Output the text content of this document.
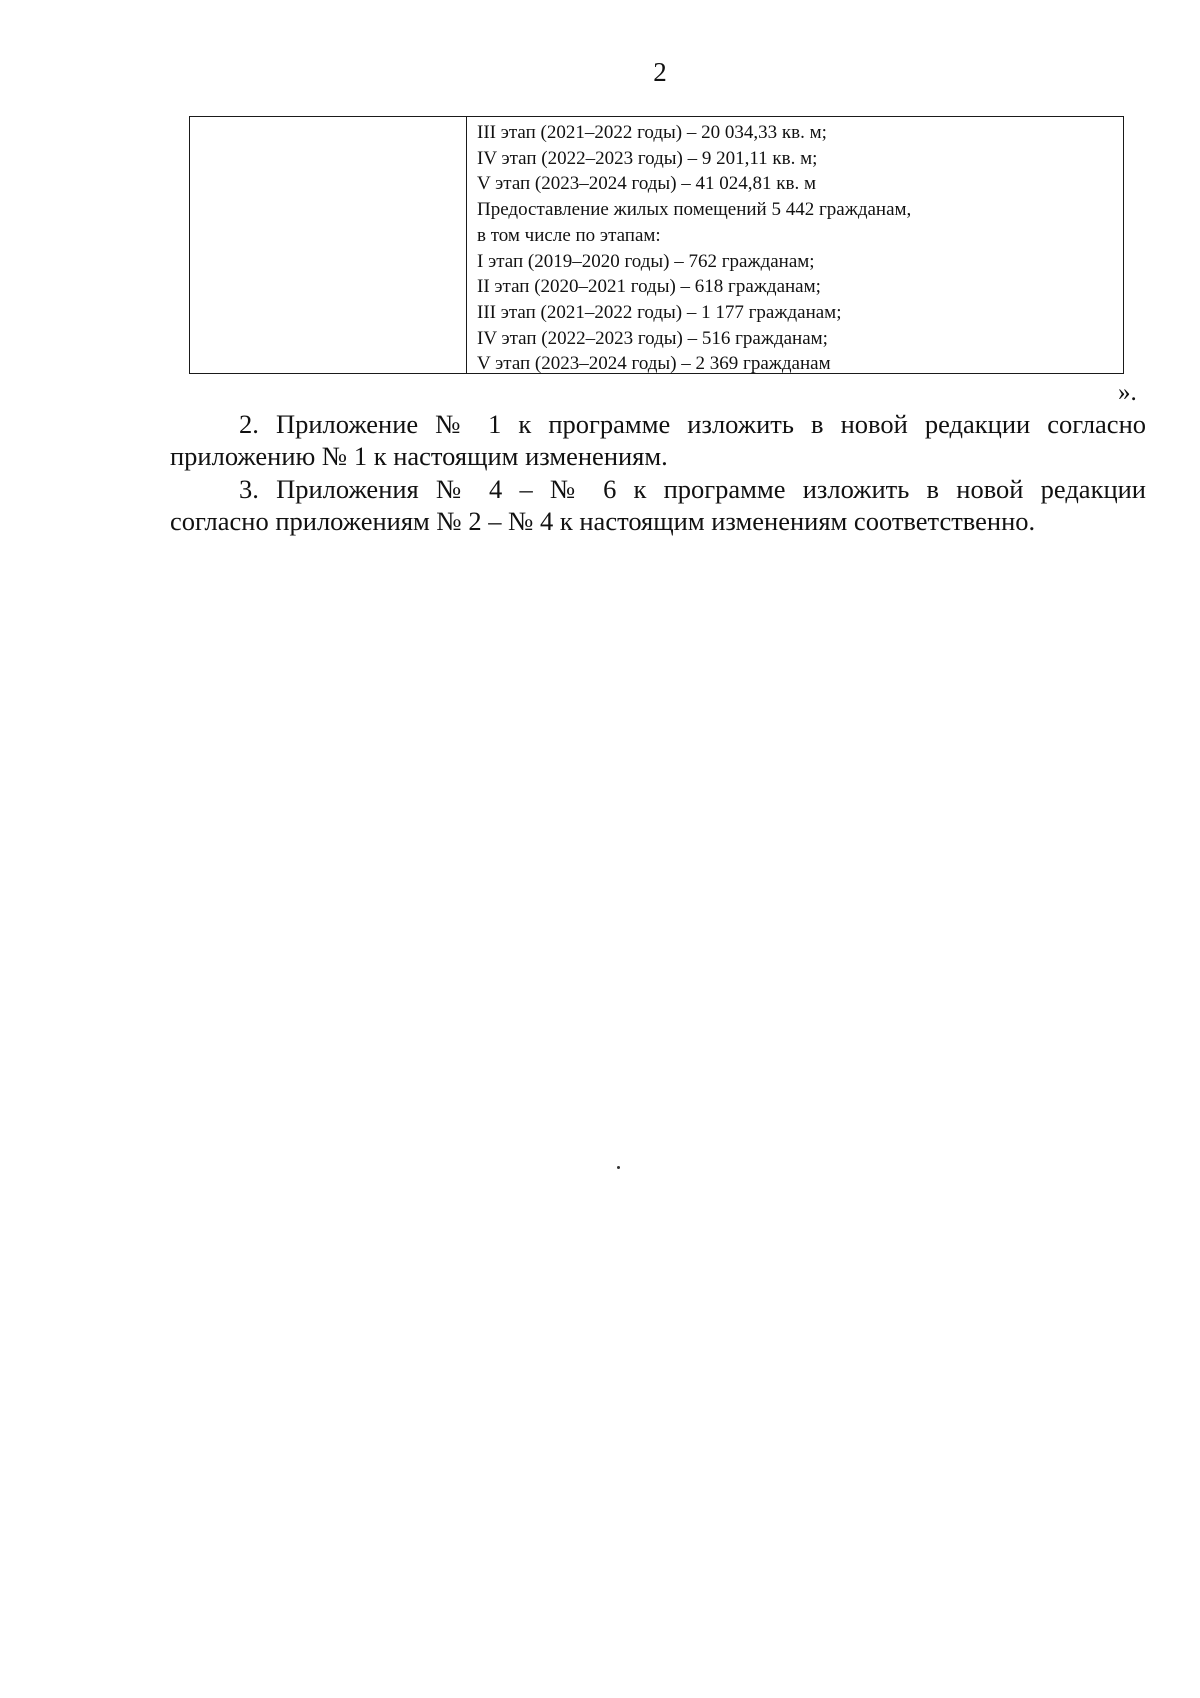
2
III этап (2021–2022 годы) – 20 034,33 кв. м;
IV этап (2022–2023 годы) – 9 201,11 кв. м;
V этап (2023–2024 годы) – 41 024,81 кв. м
Предоставление жилых помещений 5 442 гражданам,
в том числе по этапам:
I этап (2019–2020 годы) – 762 гражданам;
II этап (2020–2021 годы) – 618 гражданам;
III этап (2021–2022 годы) – 1 177 гражданам;
IV этап (2022–2023 годы) – 516 гражданам;
V этап (2023–2024 годы) – 2 369 гражданам
».
2. Приложение № 1 к программе изложить в новой редакции согласно
приложению № 1 к настоящим изменениям.
3. Приложения № 4 – № 6 к программе изложить в новой редакции
согласно приложениям № 2 – № 4 к настоящим изменениям соответственно.
